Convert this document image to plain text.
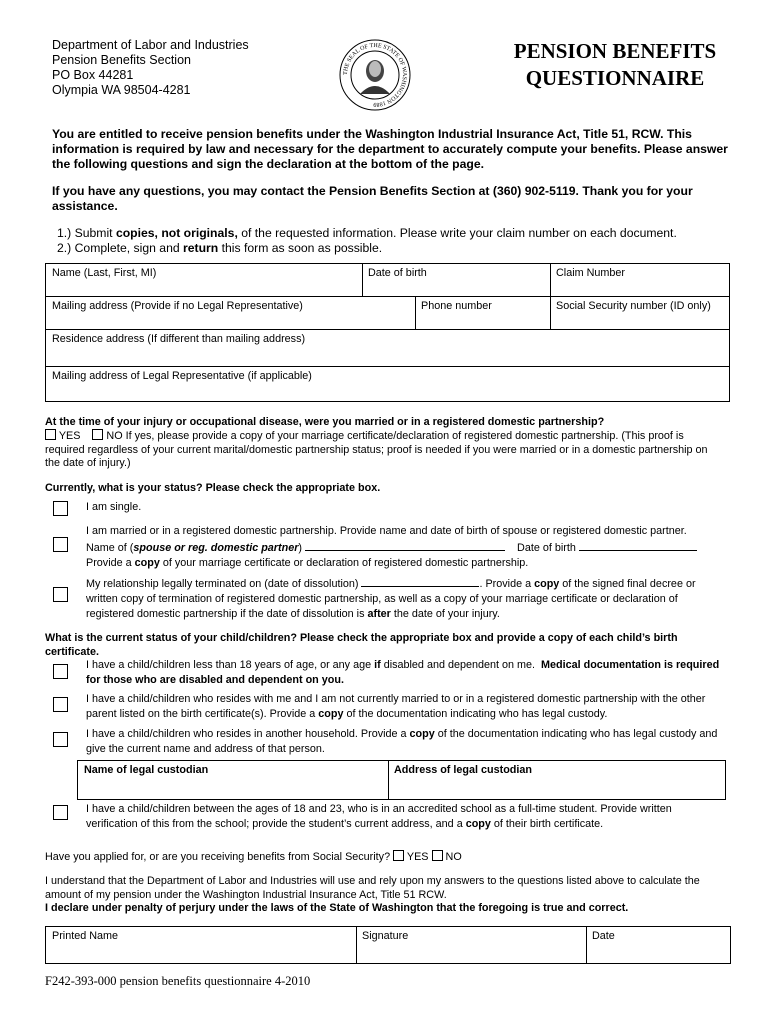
Department of Labor and Industries
Pension Benefits Section
PO Box 44281
Olympia WA 98504-4281
THE SEAL OF THE STATE OF WASHINGTON 1889
PENSION BENEFITS
QUESTIONNAIRE
You are entitled to receive pension benefits under the Washington Industrial Insurance Act, Title 51, RCW. This information is required by law and necessary for the department to accurately compute your benefits. Please answer the following questions and sign the declaration at the bottom of the page.
If you have any questions, you may contact the Pension Benefits Section at (360) 902-5119. Thank you for your assistance.
1.) Submit copies, not originals, of the requested information. Please write your claim number on each document.
2.) Complete, sign and return this form as soon as possible.
Name (Last, First, MI)	Date of birth	Claim Number
Mailing address (Provide if no Legal Representative)	Phone number	Social Security number (ID only)
Residence address (If different than mailing address)
Mailing address of Legal Representative (if applicable)
At the time of your injury or occupational disease, were you married or in a registered domestic partnership?
YES NO If yes, please provide a copy of your marriage certificate/declaration of registered domestic partnership. (This proof is required regardless of your current marital/domestic partnership status; proof is needed if you were married or in a domestic partnership on the date of injury.)
Currently, what is your status? Please check the appropriate box.
I am single.
I am married or in a registered domestic partnership. Provide name and date of birth of spouse or registered domestic partner.
Name of (spouse or reg. domestic partner)	Date of birth
Provide a copy of your marriage certificate or declaration of registered domestic partnership.
My relationship legally terminated on (date of dissolution)	. Provide a copy of the signed final decree or written copy of termination of registered domestic partnership, as well as a copy of your marriage certificate or declaration of registered domestic partnership if the date of dissolution is after the date of your injury.
What is the current status of your child/children? Please check the appropriate box and provide a copy of each child’s birth certificate.
I have a child/children less than 18 years of age, or any age if disabled and dependent on me. Medical documentation is required for those who are disabled and dependent on you.
I have a child/children who resides with me and I am not currently married to or in a registered domestic partnership with the other parent listed on the birth certificate(s). Provide a copy of the documentation indicating who has legal custody.
I have a child/children who resides in another household. Provide a copy of the documentation indicating who has legal custody and give the current name and address of that person.
Name of legal custodian	Address of legal custodian
I have a child/children between the ages of 18 and 23, who is in an accredited school as a full-time student. Provide written verification of this from the school; provide the student’s current address, and a copy of their birth certificate.
Have you applied for, or are you receiving benefits from Social Security? YES NO
I understand that the Department of Labor and Industries will use and rely upon my answers to the questions listed above to calculate the amount of my pension under the Washington Industrial Insurance Act, Title 51 RCW.
I declare under penalty of perjury under the laws of the State of Washington that the foregoing is true and correct.
Printed Name	Signature	Date
F242-393-000 pension benefits questionnaire 4-2010
